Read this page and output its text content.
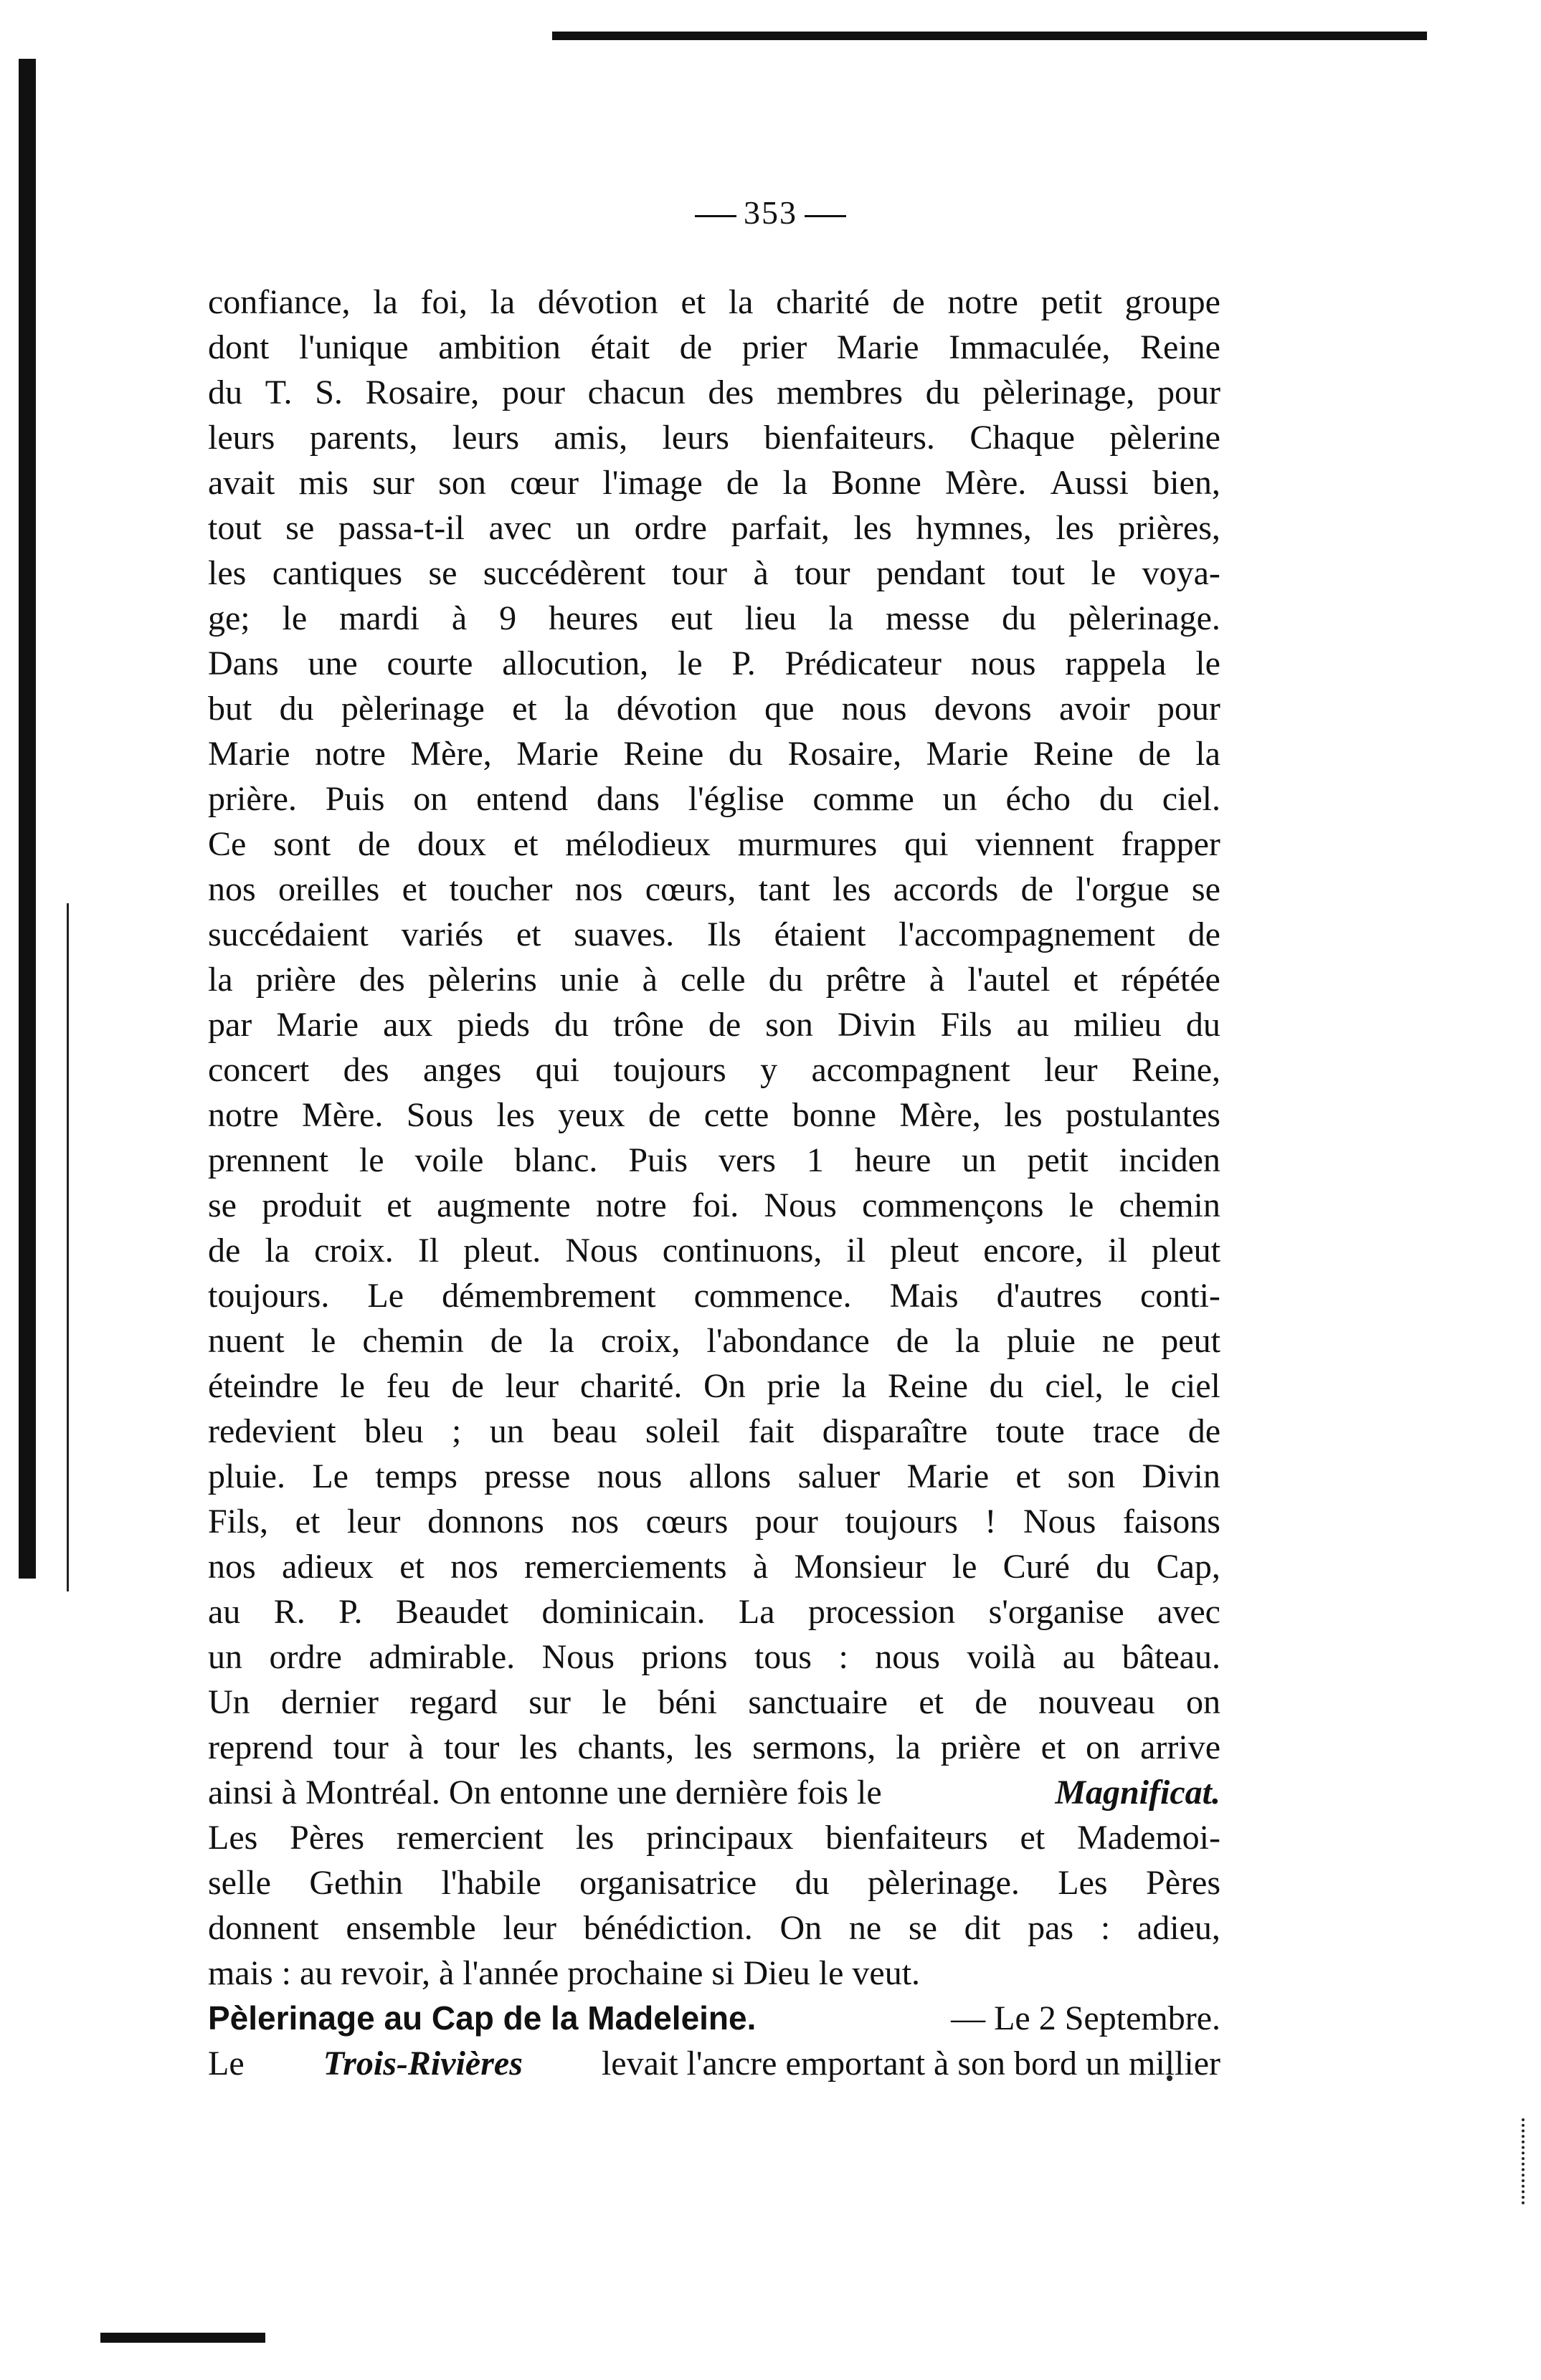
353
confiance, la foi, la dévotion et la charité de notre petit groupe
dont l'unique ambition était de prier Marie Immaculée, Reine
du T. S. Rosaire, pour chacun des membres du pèlerinage, pour
leurs parents, leurs amis, leurs bienfaiteurs. Chaque pèlerine
avait mis sur son cœur l'image de la Bonne Mère. Aussi bien,
tout se passa-t-il avec un ordre parfait, les hymnes, les prières,
les cantiques se succédèrent tour à tour pendant tout le voya-
ge; le mardi à 9 heures eut lieu la messe du pèlerinage.
Dans une courte allocution, le P. Prédicateur nous rappela le
but du pèlerinage et la dévotion que nous devons avoir pour
Marie notre Mère, Marie Reine du Rosaire, Marie Reine de la
prière. Puis on entend dans l'église comme un écho du ciel.
Ce sont de doux et mélodieux murmures qui viennent frapper
nos oreilles et toucher nos cœurs, tant les accords de l'orgue se
succédaient variés et suaves. Ils étaient l'accompagnement de
la prière des pèlerins unie à celle du prêtre à l'autel et répétée
par Marie aux pieds du trône de son Divin Fils au milieu du
concert des anges qui toujours y accompagnent leur Reine,
notre Mère. Sous les yeux de cette bonne Mère, les postulantes
prennent le voile blanc. Puis vers 1 heure un petit inciden
se produit et augmente notre foi. Nous commençons le chemin
de la croix. Il pleut. Nous continuons, il pleut encore, il pleut
toujours. Le démembrement commence. Mais d'autres conti-
nuent le chemin de la croix, l'abondance de la pluie ne peut
éteindre le feu de leur charité. On prie la Reine du ciel, le ciel
redevient bleu ; un beau soleil fait disparaître toute trace de
pluie. Le temps presse nous allons saluer Marie et son Divin
Fils, et leur donnons nos cœurs pour toujours ! Nous faisons
nos adieux et nos remerciements à Monsieur le Curé du Cap,
au R. P. Beaudet dominicain. La procession s'organise avec
un ordre admirable. Nous prions tous : nous voilà au bâteau.
Un dernier regard sur le béni sanctuaire et de nouveau on
reprend tour à tour les chants, les sermons, la prière et on arrive
ainsi à Montréal. On entonne une dernière fois le	Magnificat.
Les Pères remercient les principaux bienfaiteurs et Mademoi-
selle Gethin l'habile organisatrice du pèlerinage. Les Pères
donnent ensemble leur bénédiction. On ne se dit pas : adieu,
mais : au revoir, à l'année prochaine si Dieu le veut.
Pèlerinage au Cap de la Madeleine.	— Le 2 Septembre.
Le Trois-Rivières levait l'ancre emportant à son bord un millier
